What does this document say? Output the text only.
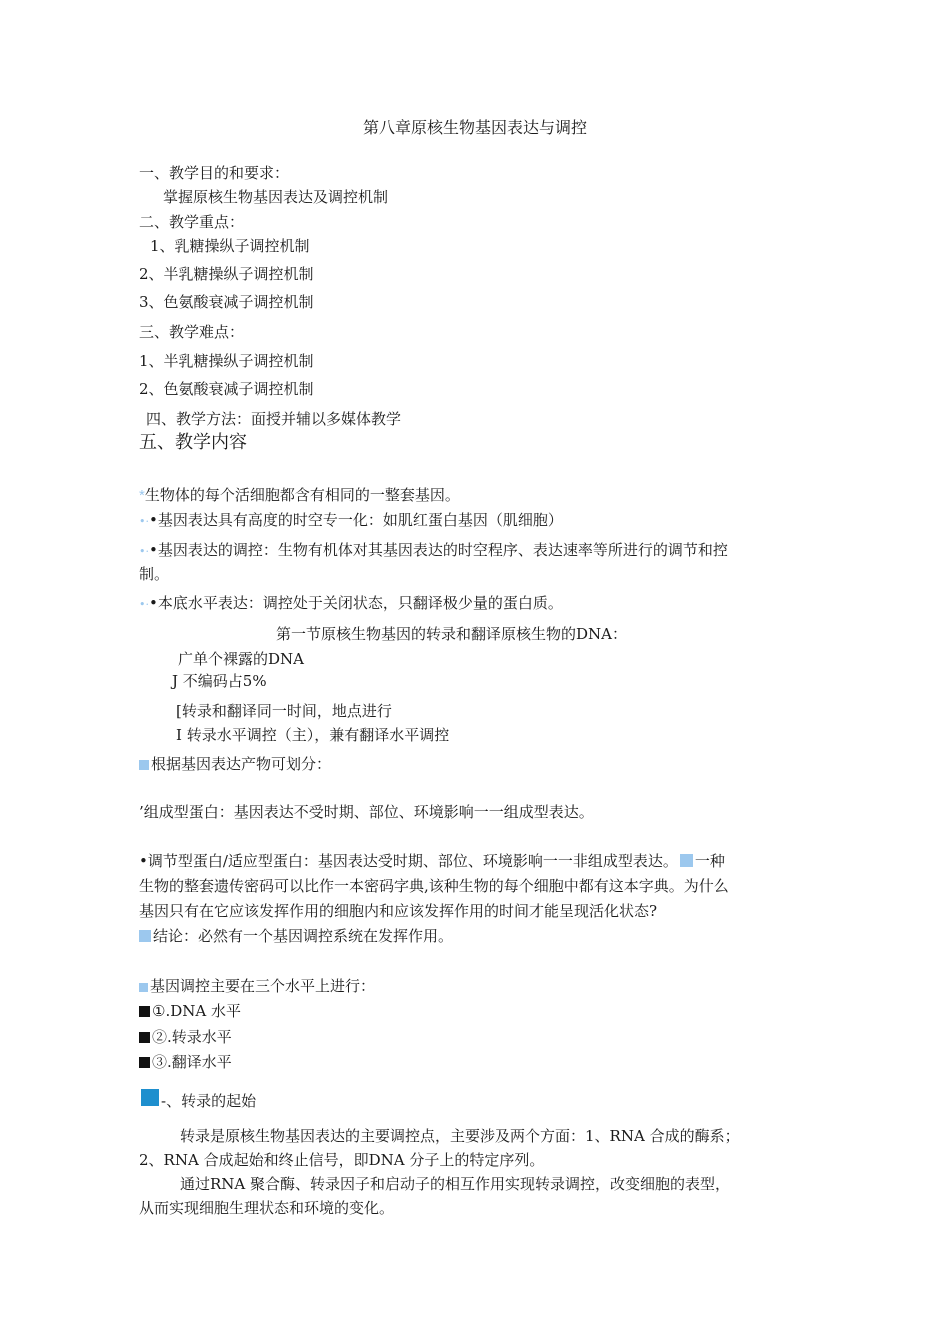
第八章原核生物基因表达与调控
一、教学目的和要求：
掌握原核生物基因表达及调控机制
二、教学重点：
1、乳糖操纵子调控机制
2、半乳糖操纵子调控机制
3、色氨酸衰减子调控机制
三、教学难点：
1、半乳糖操纵子调控机制
2、色氨酸衰减子调控机制
四、教学方法：面授并辅以多媒体教学
五、教学内容
*生物体的每个活细胞都含有相同的一整套基因。
•·•基因表达具有高度的时空专一化：如肌红蛋白基因（肌细胞）
•·•基因表达的调控：生物有机体对其基因表达的时空程序、表达速率等所进行的调节和控
制。
•·•本底水平表达：调控处于关闭状态，只翻译极少量的蛋白质。
第一节原核生物基因的转录和翻译原核生物的DNA：
广单个裸露的DNA
J 不编码占5%
[转录和翻译同一时间，地点进行
I 转录水平调控（主），兼有翻译水平调控
根据基因表达产物可划分：
’组成型蛋白：基因表达不受时期、部位、环境影响一一组成型表达。
•调节型蛋白/适应型蛋白：基因表达受时期、部位、环境影响一一非组成型表达。 一种
生物的整套遗传密码可以比作一本密码字典,该种生物的每个细胞中都有这本字典。为什么
基因只有在它应该发挥作用的细胞内和应该发挥作用的时间才能呈现活化状态?
结论：必然有一个基因调控系统在发挥作用。
基因调控主要在三个水平上进行：
①.DNA 水平
②.转录水平
③.翻译水平
-、转录的起始
转录是原核生物基因表达的主要调控点，主要涉及两个方面：1、RNA 合成的酶系；
2、RNA 合成起始和终止信号，即DNA 分子上的特定序列。
通过RNA 聚合酶、转录因子和启动子的相互作用实现转录调控，改变细胞的表型，
从而实现细胞生理状态和环境的变化。
